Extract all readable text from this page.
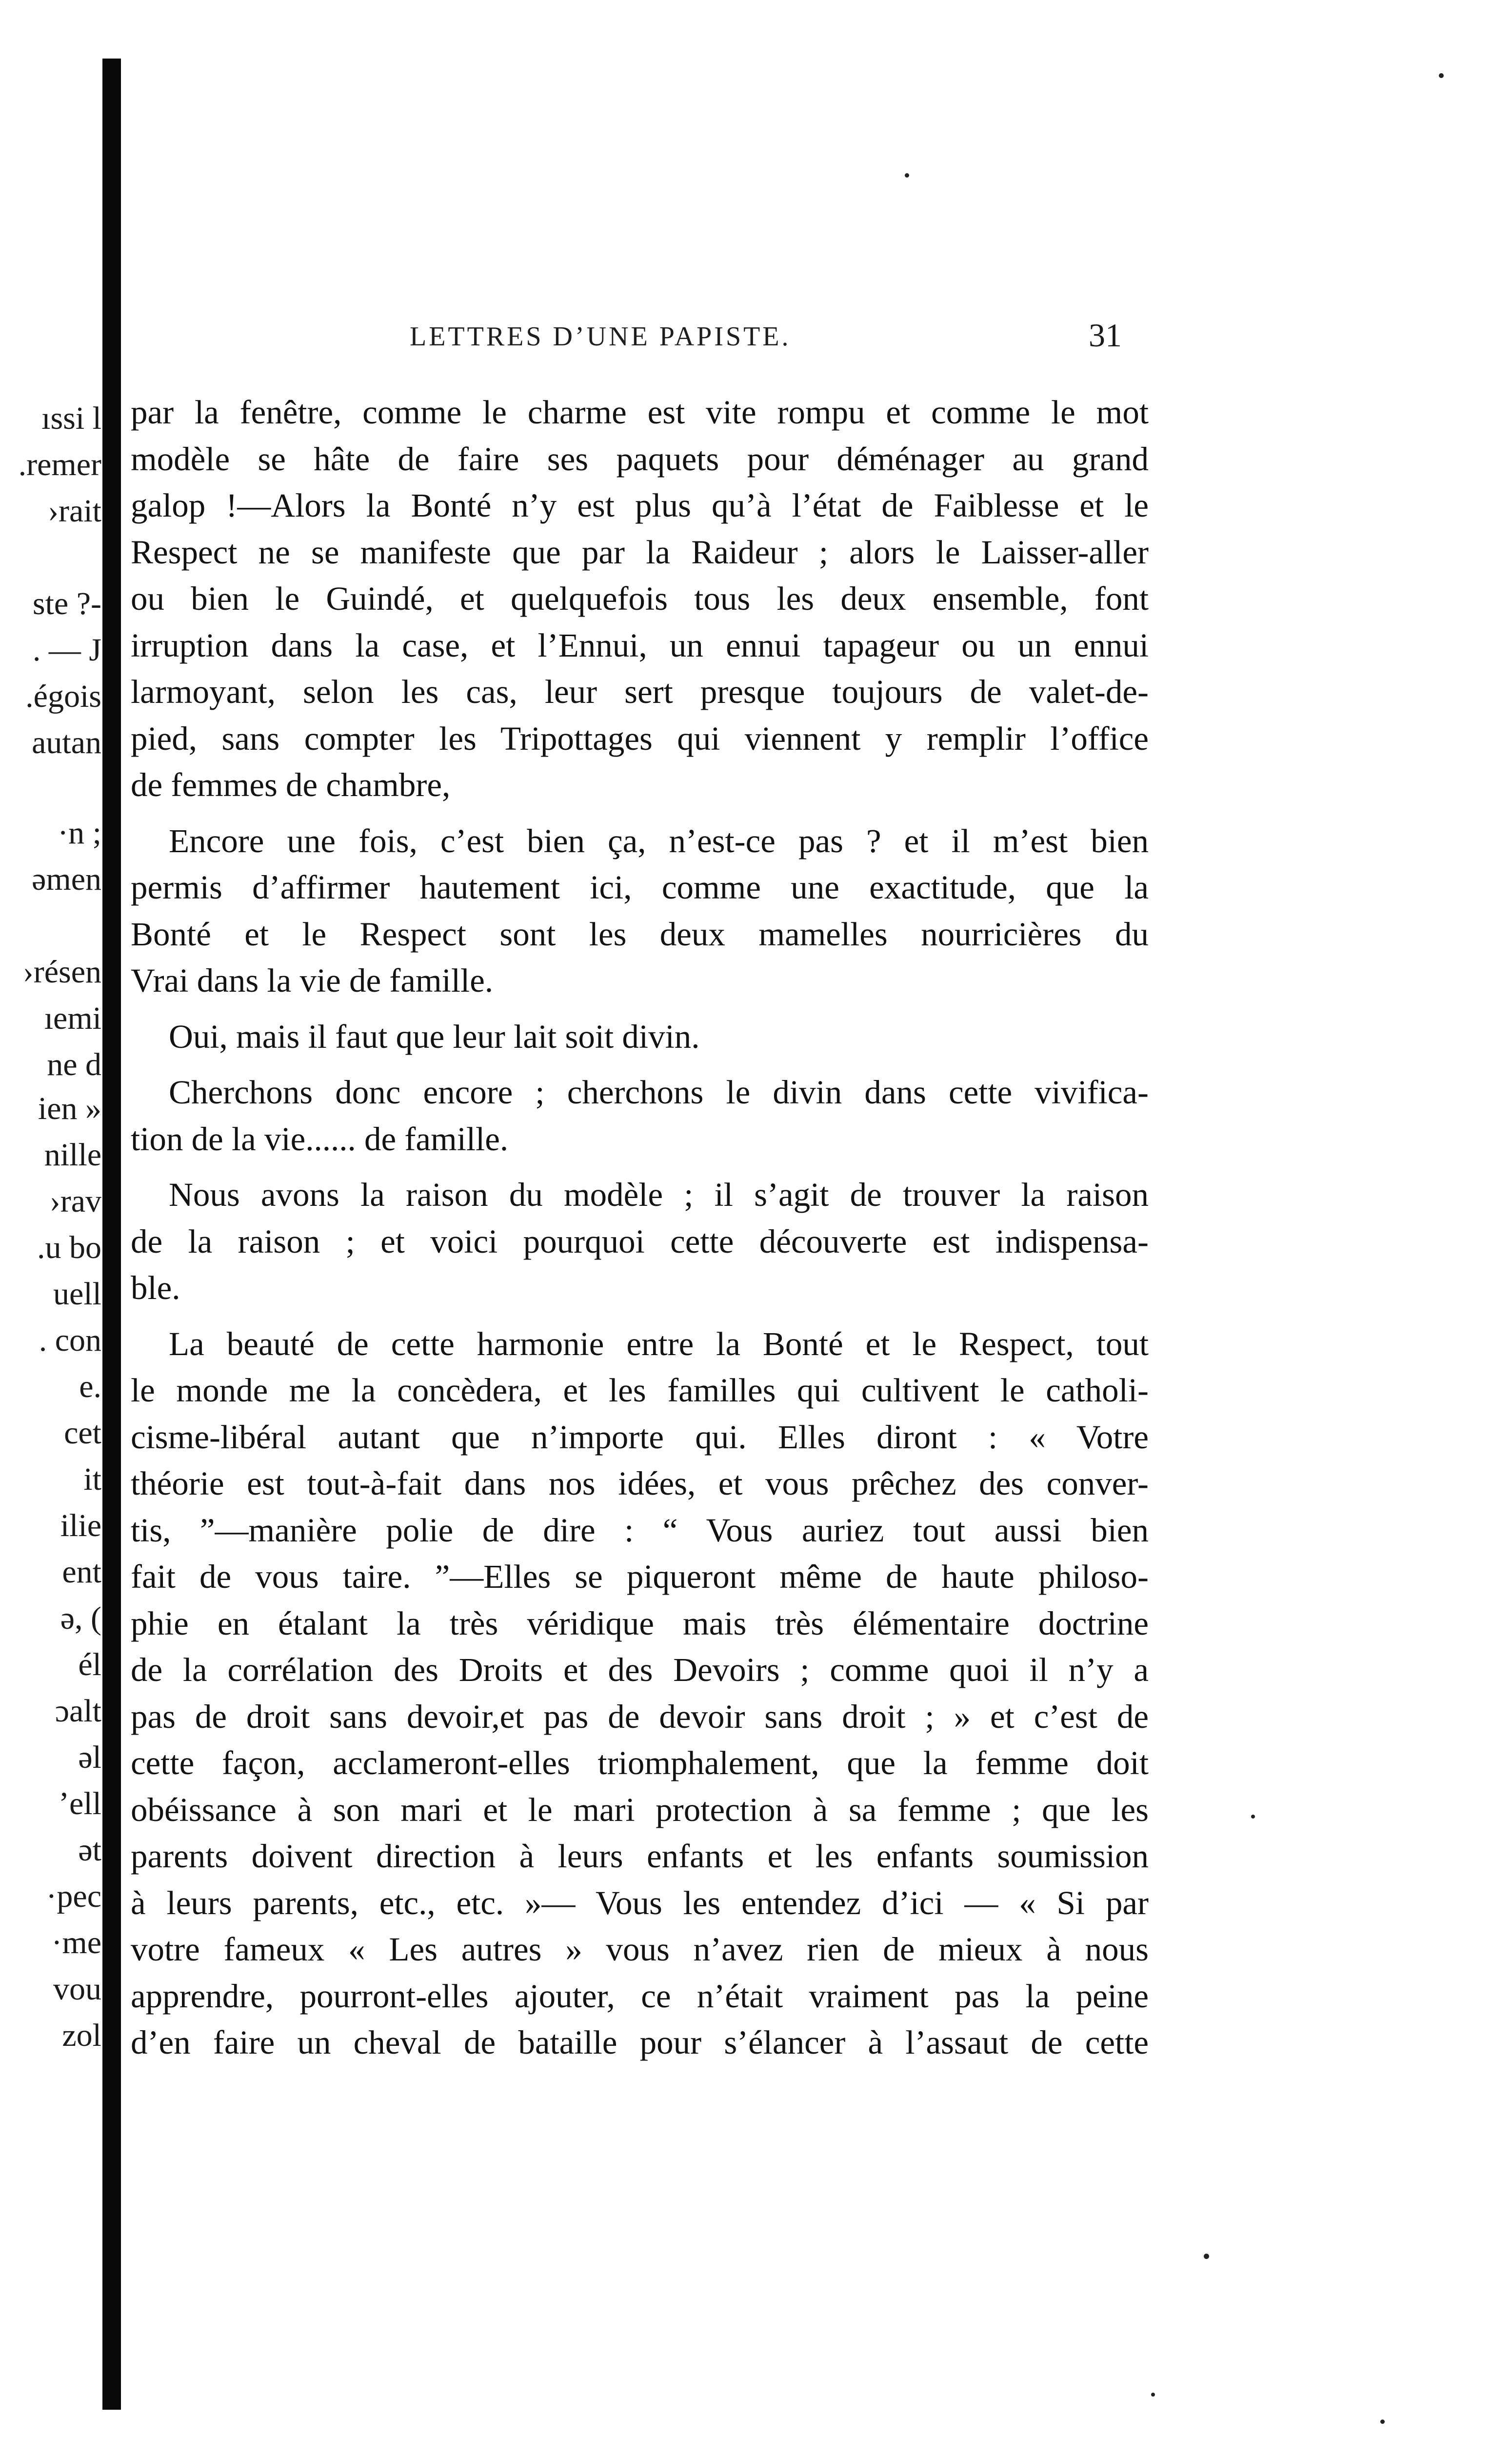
ıssi l
.remer
›rait
ste ?-
. — J
.égois
autan
·n ;
əmen
›résen
ıemi
ne d
ien »
nille
›rav
.u bo
uell
. con
e.
cet
it
ilie
ent
ə, (
él
ɔalt
əl
’ell
ət
·pec
·me
vou
zol
LETTRES D’UNE PAPISTE.	31

par la fenêtre, comme le charme est vite rompu et comme le mot
modèle se hâte de faire ses paquets pour déménager au grand
galop !—Alors la Bonté n’y est plus qu’à l’état de Faiblesse et le
Respect ne se manifeste que par la Raideur ; alors le Laisser-aller
ou bien le Guindé, et quelquefois tous les deux ensemble, font
irruption dans la case, et l’Ennui, un ennui tapageur ou un ennui
larmoyant, selon les cas, leur sert presque toujours de valet-de-
pied, sans compter les Tripottages qui viennent y remplir l’office
de femmes de chambre,

Encore une fois, c’est bien ça, n’est-ce pas ? et il m’est bien
permis d’affirmer hautement ici, comme une exactitude, que la
Bonté et le Respect sont les deux mamelles nourricières du
Vrai dans la vie de famille.

Oui, mais il faut que leur lait soit divin.

Cherchons donc encore ; cherchons le divin dans cette vivifica-
tion de la vie...... de famille.

Nous avons la raison du modèle ; il s’agit de trouver la raison
de la raison ; et voici pourquoi cette découverte est indispensa-
ble.

La beauté de cette harmonie entre la Bonté et le Respect, tout
le monde me la concèdera, et les familles qui cultivent le catholi-
cisme-libéral autant que n’importe qui. Elles diront : « Votre
théorie est tout-à-fait dans nos idées, et vous prêchez des conver-
tis, ”—manière polie de dire : “ Vous auriez tout aussi bien
fait de vous taire. ”—Elles se piqueront même de haute philoso-
phie en étalant la très véridique mais très élémentaire doctrine
de la corrélation des Droits et des Devoirs ; comme quoi il n’y a
pas de droit sans devoir,et pas de devoir sans droit ; » et c’est de
cette façon, acclameront-elles triomphalement, que la femme doit
obéissance à son mari et le mari protection à sa femme ; que les
parents doivent direction à leurs enfants et les enfants soumission
à leurs parents, etc., etc. »— Vous les entendez d’ici — « Si par
votre fameux « Les autres » vous n’avez rien de mieux à nous
apprendre, pourront-elles ajouter, ce n’était vraiment pas la peine
d’en faire un cheval de bataille pour s’élancer à l’assaut de cette
